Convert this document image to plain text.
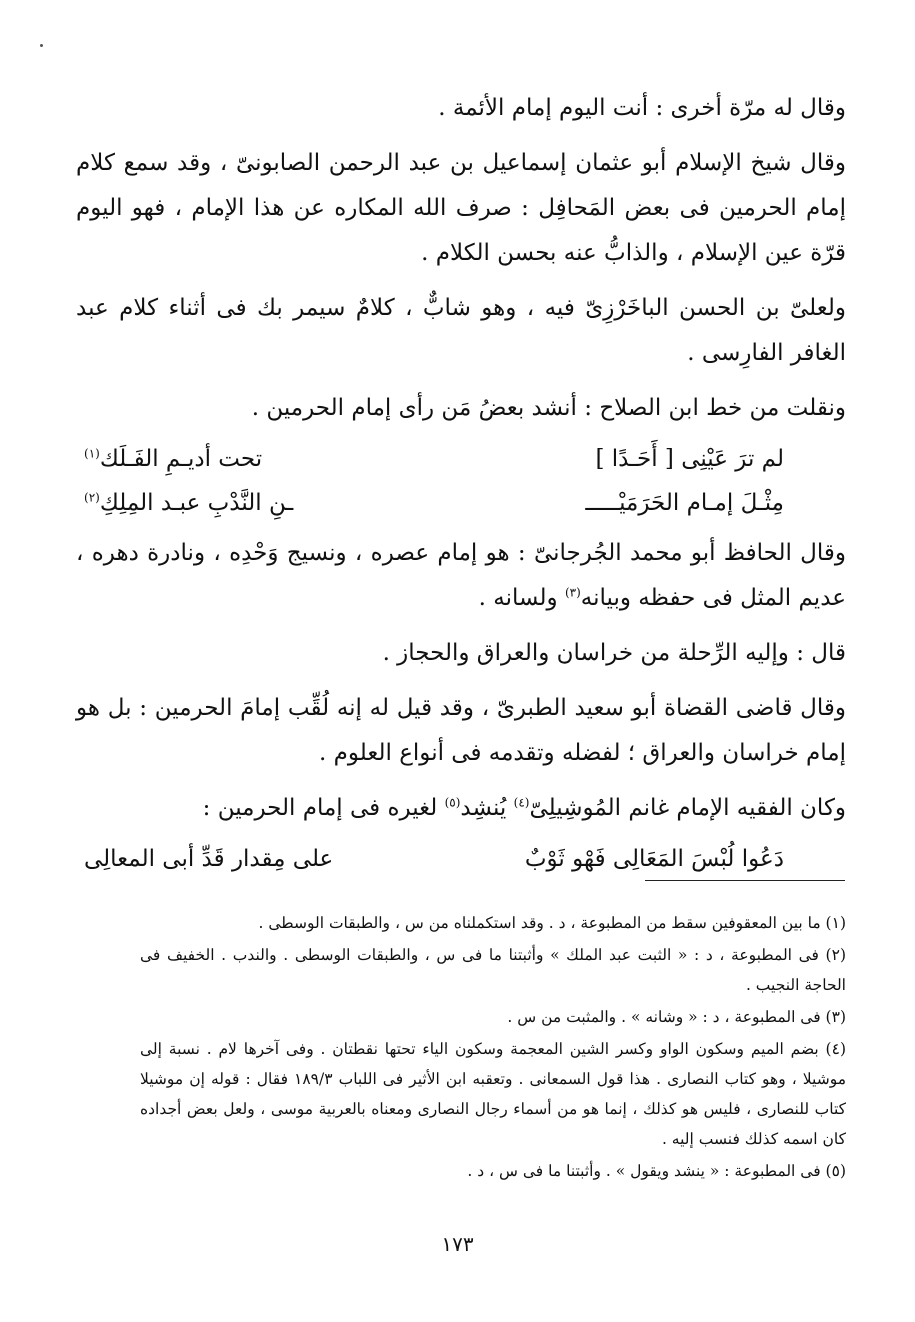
وقال له مرّة أخرى : أنت اليوم إمام الأئمة .

وقال شيخ الإسلام أبو عثمان إسماعيل بن عبد الرحمن الصابونىّ ، وقد سمع كلام إمام الحرمين فى بعض المَحافِل : صرف الله المكاره عن هذا الإمام ، فهو اليوم قرّة عين الإسلام ، والذابُّ عنه بحسن الكلام .

ولعلىّ بن الحسن الباخَرْزِىّ فيه ، وهو شابٌّ ، كلامٌ سيمر بك فى أثناء كلام عبد الغافر الفارِسى .

ونقلت من خط ابن الصلاح : أنشد بعضُ مَن رأى إمام الحرمين .

لم ترَ عَيْنِى [ أَحَـدًا ]
تحت أديـمِ الفَـلَك$^{(١)}$
مِثْـلَ إمـام الحَرَمَيْـــــ
ـنِ النَّدْبِ عبـد المِلِكِ$^{(٢)}$

وقال الحافظ أبو محمد الجُرجانىّ : هو إمام عصره ، ونسيج وَحْدِه ، ونادرة دهره ، عديم المثل فى حفظه وبيانه$^{(٣)}$ ولسانه .

قال : وإليه الرِّحلة من خراسان والعراق والحجاز .

وقال قاضى القضاة أبو سعيد الطبرىّ ، وقد قيل له إنه لُقِّب إمامَ الحرمين : بل هو إمام خراسان والعراق ؛ لفضله وتقدمه فى أنواع العلوم .

وكان الفقيه الإمام غانم المُوشِيلِىّ$^{(٤)}$ يُنشِد$^{(٥)}$ لغيره فى إمام الحرمين :

دَعُوا لُبْسَ المَعَالِى فَهْو ثَوْبٌ
على مِقدار قَدِّ أبى المعالِى

(١) ما بين المعقوفين سقط من المطبوعة ، د . وقد استكملناه من س ، والطبقات الوسطى .

(٢) فى المطبوعة ، د : « الثبت عبد الملك » وأثبتنا ما فى س ، والطبقات الوسطى . والندب . الخفيف فى الحاجة النجيب .

(٣) فى المطبوعة ، د : « وشانه » . والمثبت من س .

(٤) بضم الميم وسكون الواو وكسر الشين المعجمة وسكون الياء تحتها نقطتان . وفى آخرها لام . نسبة إلى موشيلا ، وهو كتاب النصارى . هذا قول السمعانى . وتعقبه ابن الأثير فى اللباب ١٨٩/٣ فقال : قوله إن موشيلا كتاب للنصارى ، فليس هو كذلك ، إنما هو من أسماء رجال النصارى ومعناه بالعربية موسى ، ولعل بعض أجداده كان اسمه كذلك فنسب إليه .

(٥) فى المطبوعة : « ينشد ويقول » . وأثبتنا ما فى س ، د .

١٧٣
